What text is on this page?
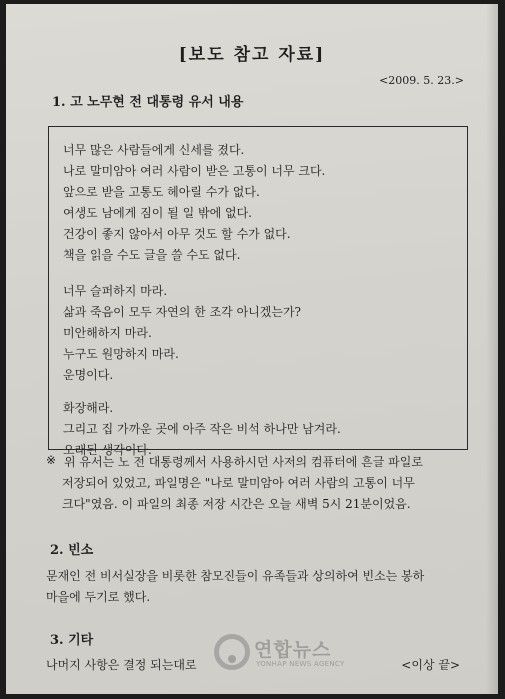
[보도 참고 자료]
<2009. 5. 23.>
1. 고 노무현 전 대통령 유서 내용
너무 많은 사람들에게 신세를 졌다.
나로 말미암아 여러 사람이 받은 고통이 너무 크다.
앞으로 받을 고통도 헤아릴 수가 없다.
여생도 남에게 짐이 될 일 밖에 없다.
건강이 좋지 않아서 아무 것도 할 수가 없다.
책을 읽을 수도 글을 쓸 수도 없다.
너무 슬퍼하지 마라.
삶과 죽음이 모두 자연의 한 조각 아니겠는가?
미안해하지 마라.
누구도 원망하지 마라.
운명이다.
화장해라.
그리고 집 가까운 곳에 아주 작은 비석 하나만 남겨라.
오래된 생각이다.
※ 위 유서는 노 전 대통령께서 사용하시던 사저의 컴퓨터에 흔글 파일로
저장되어 있었고, 파일명은 "나로 말미암아 여러 사람의 고통이 너무
크다"였음. 이 파일의 최종 저장 시간은 오늘 새벽 5시 21분이었음.
2. 빈소
문재인 전 비서실장을 비롯한 참모진들이 유족들과 상의하여 빈소는 봉하
마을에 두기로 했다.
3. 기타
나머지 사항은 결정 되는대로	<이상 끝>
연합뉴스
YONHAP NEWS AGENCY
